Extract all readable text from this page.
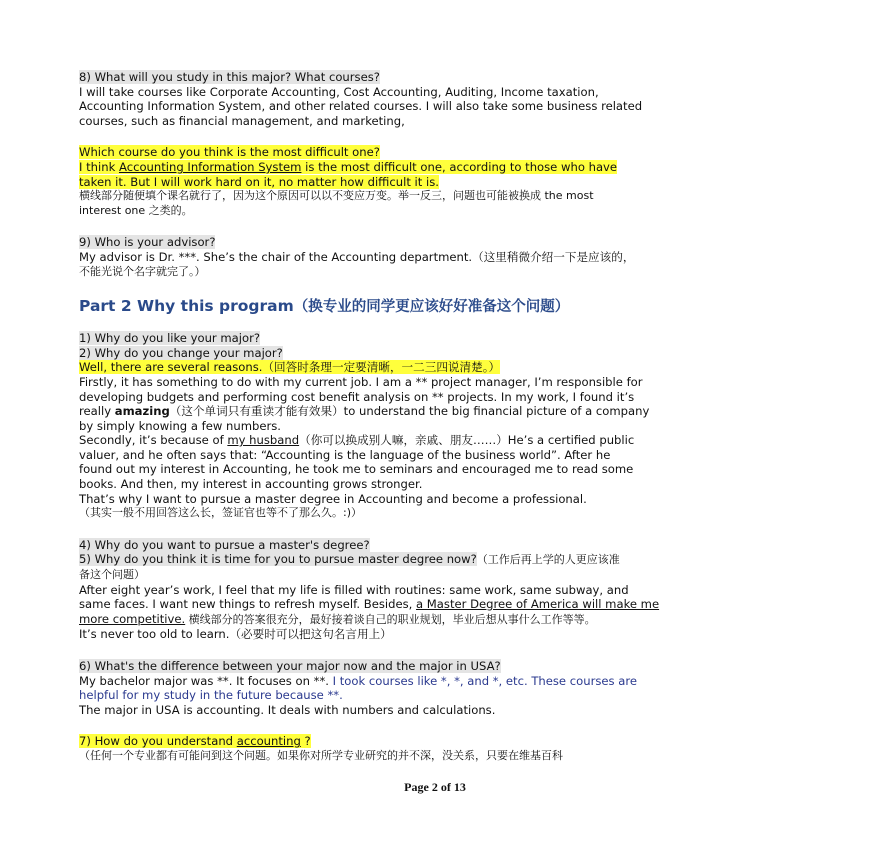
8) What will you study in this major? What courses?
I will take courses like Corporate Accounting, Cost Accounting, Auditing, Income taxation,
Accounting Information System, and other related courses. I will also take some business related
courses, such as financial management, and marketing,
Which course do you think is the most difficult one?
I think Accounting Information System is the most difficult one, according to those who have
taken it. But I will work hard on it, no matter how difficult it is.
横线部分随便填个课名就行了，因为这个原因可以以不变应万变。举一反三，问题也可能被换成 the most
interest one 之类的。
9) Who is your advisor?
My advisor is Dr. ***. She’s the chair of the Accounting department.（这里稍微介绍一下是应该的，
不能光说个名字就完了。）
Part 2 Why this program（换专业的同学更应该好好准备这个问题）
1) Why do you like your major?
2) Why do you change your major?
Well, there are several reasons.（回答时条理一定要清晰，一二三四说清楚。）
Firstly, it has something to do with my current job. I am a ** project manager, I’m responsible for
developing budgets and performing cost benefit analysis on ** projects. In my work, I found it’s
really amazing（这个单词只有重读才能有效果）to understand the big financial picture of a company
by simply knowing a few numbers.
Secondly, it’s because of my husband（你可以换成别人嘛，亲戚、朋友……）He’s a certified public
valuer, and he often says that: “Accounting is the language of the business world”. After he
found out my interest in Accounting, he took me to seminars and encouraged me to read some
books. And then, my interest in accounting grows stronger.
That’s why I want to pursue a master degree in Accounting and become a professional.
（其实一般不用回答这么长，签证官也等不了那么久。:)）
4) Why do you want to pursue a master's degree?
5) Why do you think it is time for you to pursue master degree now?（工作后再上学的人更应该准
备这个问题）
After eight year’s work, I feel that my life is filled with routines: same work, same subway, and
same faces. I want new things to refresh myself. Besides, a Master Degree of America will make me
more competitive. 横线部分的答案很充分，最好接着谈自己的职业规划，毕业后想从事什么工作等等。
It’s never too old to learn.（必要时可以把这句名言用上）
6) What's the difference between your major now and the major in USA?
My bachelor major was **. It focuses on **. I took courses like *, *, and *, etc. These courses are
helpful for my study in the future because **.
The major in USA is accounting. It deals with numbers and calculations.
7) How do you understand accounting ?
（任何一个专业都有可能问到这个问题。如果你对所学专业研究的并不深，没关系，只要在维基百科
Page 2 of 13
